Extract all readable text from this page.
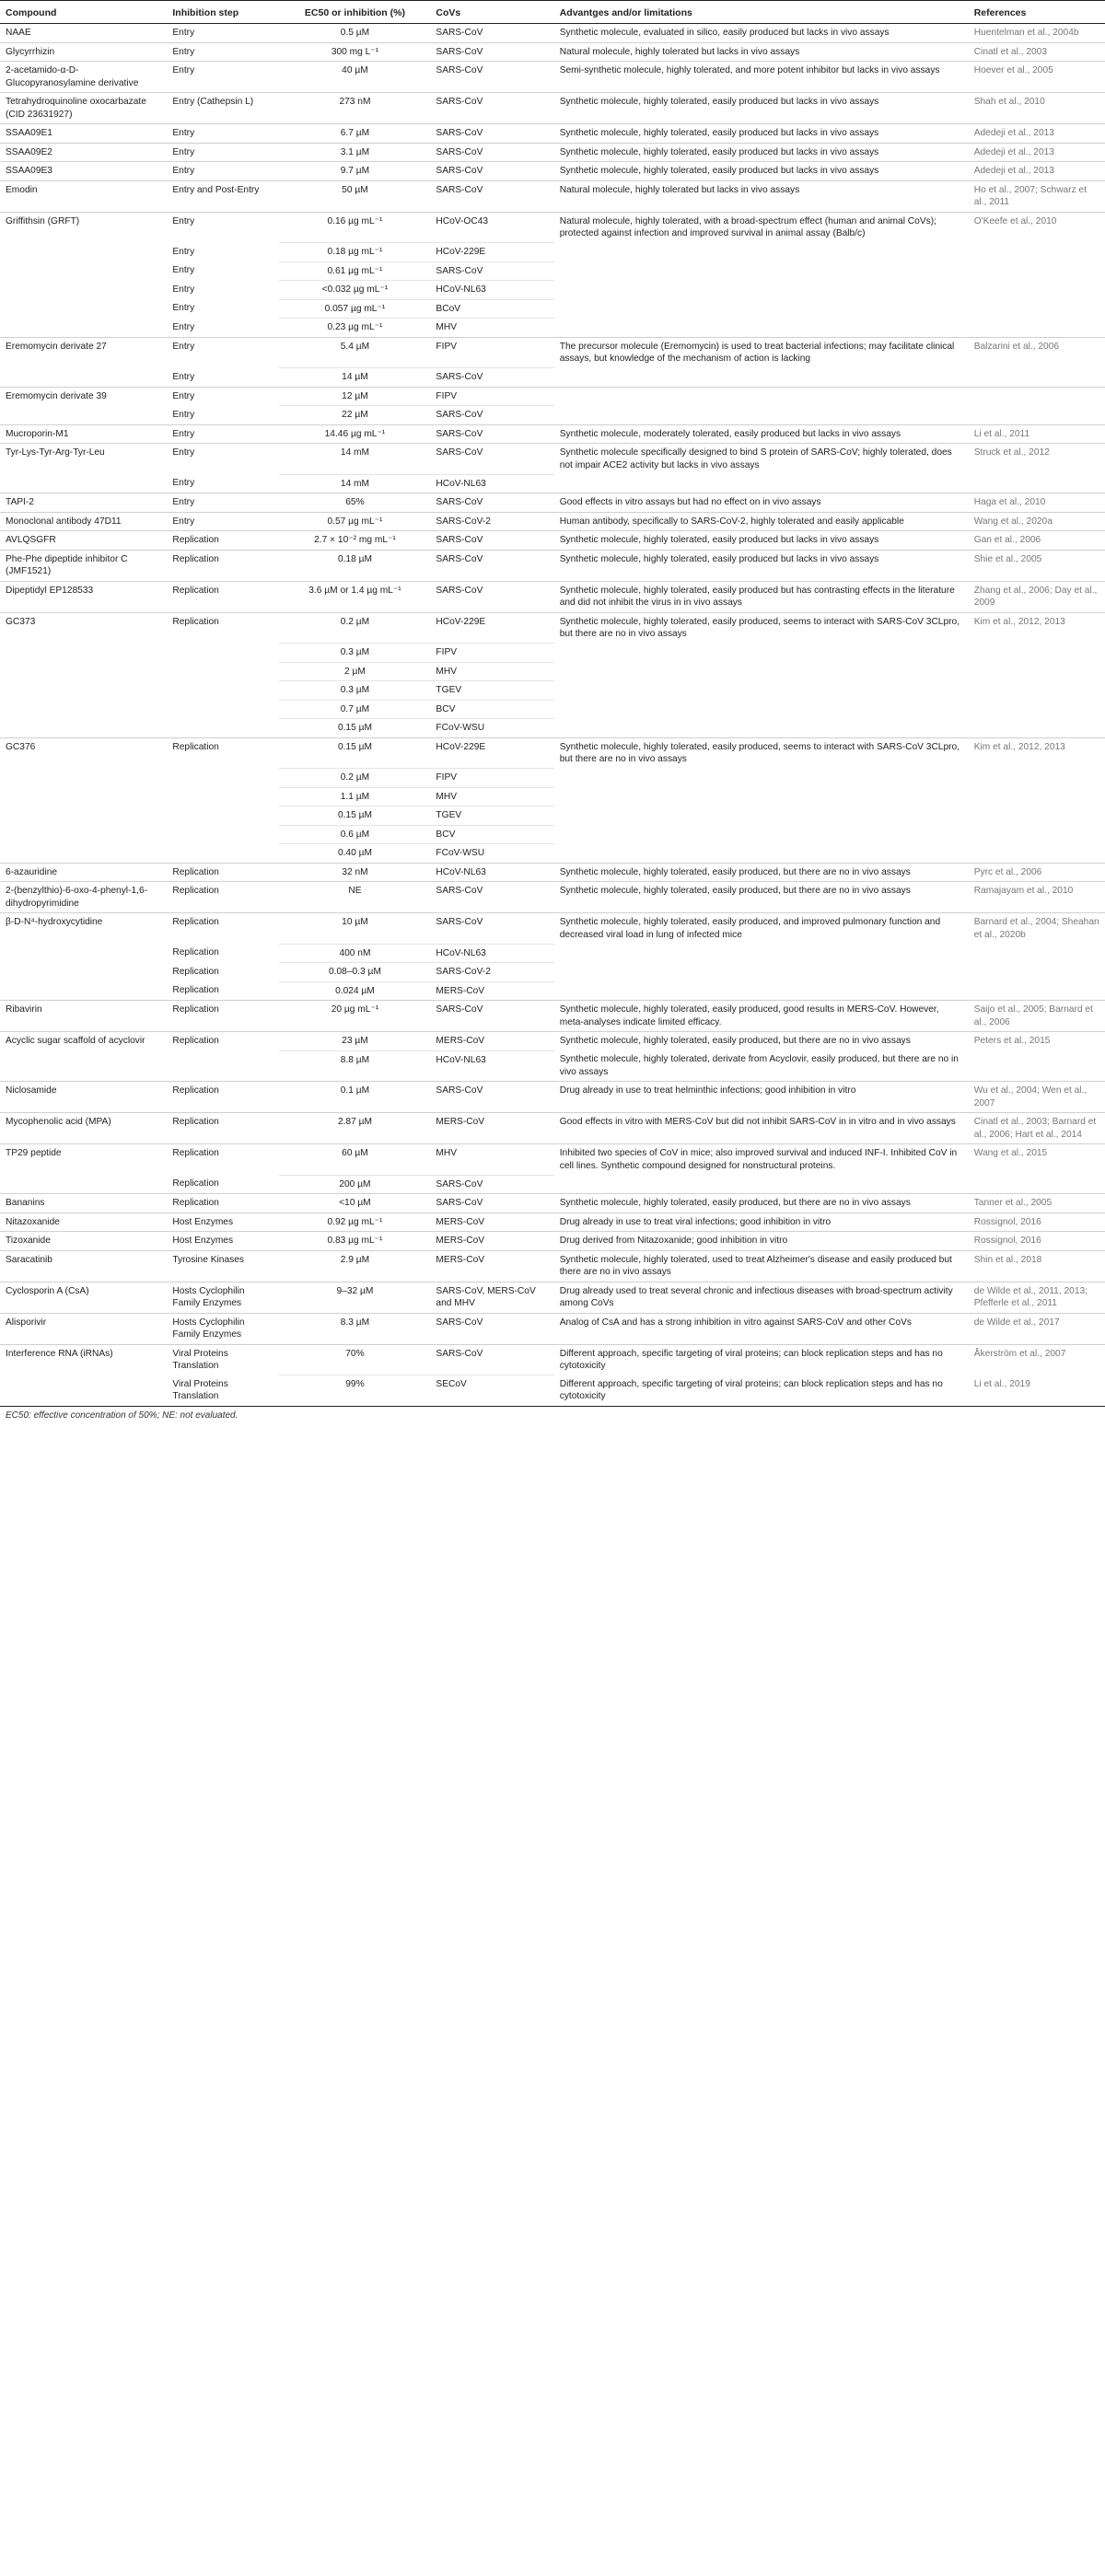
Compound	Inhibition step	EC50 or inhibition (%)	CoVs	Advantges and/or limitations	References
NAAE	Entry	0.5 µM	SARS-CoV	Synthetic molecule, evaluated in silico, easily produced but lacks in vivo assays	Huentelman et al., 2004b
Glycyrrhizin	Entry	300 mg L⁻¹	SARS-CoV	Natural molecule, highly tolerated but lacks in vivo assays	Cinatl et al., 2003
2-acetamido-α-D-Glucopyranosylamine derivative	Entry	40 µM	SARS-CoV	Semi-synthetic molecule, highly tolerated, and more potent inhibitor but lacks in vivo assays	Hoever et al., 2005
Tetrahydroquinoline oxocarbazate (CID 23631927)	Entry (Cathepsin L)	273 nM	SARS-CoV	Synthetic molecule, highly tolerated, easily produced but lacks in vivo assays	Shah et al., 2010
SSAA09E1	Entry	6.7 µM	SARS-CoV	Synthetic molecule, highly tolerated, easily produced but lacks in vivo assays	Adedeji et al., 2013
SSAA09E2	Entry	3.1 µM	SARS-CoV	Synthetic molecule, highly tolerated, easily produced but lacks in vivo assays	Adedeji et al., 2013
SSAA09E3	Entry	9.7 µM	SARS-CoV	Synthetic molecule, highly tolerated, easily produced but lacks in vivo assays	Adedeji et al., 2013
Emodin	Entry and Post-Entry	50 µM	SARS-CoV	Natural molecule, highly tolerated but lacks in vivo assays	Ho et al., 2007; Schwarz et al., 2011
Griffithsin (GRFT)	Entry	0.16 µg mL⁻¹	HCoV-OC43	Natural molecule, highly tolerated, with a broad-spectrum effect (human and animal CoVs); protected against infection and improved survival in animal assay (Balb/c)	O'Keefe et al., 2010
	Entry	0.18 µg mL⁻¹	HCoV-229E		
	Entry	0.61 µg mL⁻¹	SARS-CoV		
	Entry	<0.032 µg mL⁻¹	HCoV-NL63		
	Entry	0.057 µg mL⁻¹	BCoV		
	Entry	0.23 µg mL⁻¹	MHV		
Eremomycin derivate 27	Entry	5.4 µM	FIPV	The precursor molecule (Eremomycin) is used to treat bacterial infections; may facilitate clinical assays, but knowledge of the mechanism of action is lacking	Balzarini et al., 2006
	Entry	14 µM	SARS-CoV		
Eremomycin derivate 39	Entry	12 µM	FIPV		
	Entry	22 µM	SARS-CoV		
Mucroporin-M1	Entry	14.46 µg mL⁻¹	SARS-CoV	Synthetic molecule, moderately tolerated, easily produced but lacks in vivo assays	Li et al., 2011
Tyr-Lys-Tyr-Arg-Tyr-Leu	Entry	14 mM	SARS-CoV	Synthetic molecule specifically designed to bind S protein of SARS-CoV; highly tolerated, does not impair ACE2 activity but lacks in vivo assays	Struck et al., 2012
	Entry	14 mM	HCoV-NL63		
TAPI-2	Entry	65%	SARS-CoV	Good effects in vitro assays but had no effect on in vivo assays	Haga et al., 2010
Monoclonal antibody 47D11	Entry	0.57 µg mL⁻¹	SARS-CoV-2	Human antibody, specifically to SARS-CoV-2, highly tolerated and easily applicable	Wang et al., 2020a
AVLQSGFR	Replication	2.7 × 10⁻² mg mL⁻¹	SARS-CoV	Synthetic molecule, highly tolerated, easily produced but lacks in vivo assays	Gan et al., 2006
Phe-Phe dipeptide inhibitor C (JMF1521)	Replication	0.18 µM	SARS-CoV	Synthetic molecule, highly tolerated, easily produced but lacks in vivo assays	Shie et al., 2005
Dipeptidyl EP128533	Replication	3.6 µM or 1.4 µg mL⁻¹	SARS-CoV	Synthetic molecule, highly tolerated, easily produced but has contrasting effects in the literature and did not inhibit the virus in in vivo assays	Zhang et al., 2006; Day et al., 2009
GC373	Replication	0.2 µM	HCoV-229E	Synthetic molecule, highly tolerated, easily produced, seems to interact with SARS-CoV 3CLpro, but there are no in vivo assays	Kim et al., 2012, 2013
		0.3 µM	FIPV		
		2 µM	MHV		
		0.3 µM	TGEV		
		0.7 µM	BCV		
		0.15 µM	FCoV-WSU		
GC376	Replication	0.15 µM	HCoV-229E	Synthetic molecule, highly tolerated, easily produced, seems to interact with SARS-CoV 3CLpro, but there are no in vivo assays	Kim et al., 2012, 2013
		0.2 µM	FIPV		
		1.1 µM	MHV		
		0.15 µM	TGEV		
		0.6 µM	BCV		
		0.40 µM	FCoV-WSU		
6-azauridine	Replication	32 nM	HCoV-NL63	Synthetic molecule, highly tolerated, easily produced, but there are no in vivo assays	Pyrc et al., 2006
2-(benzylthio)-6-oxo-4-phenyl-1,6-dihydropyrimidine	Replication	NE	SARS-CoV	Synthetic molecule, highly tolerated, easily produced, but there are no in vivo assays	Ramajayam et al., 2010
β-D-N⁴-hydroxycytidine	Replication	10 µM	SARS-CoV	Synthetic molecule, highly tolerated, easily produced, and improved pulmonary function and decreased viral load in lung of infected mice	Barnard et al., 2004; Sheahan et al., 2020b
	Replication	400 nM	HCoV-NL63		
	Replication	0.08–0.3 µM	SARS-CoV-2		
	Replication	0.024 µM	MERS-CoV		
Ribavirin	Replication	20 µg mL⁻¹	SARS-CoV	Synthetic molecule, highly tolerated, easily produced, good results in MERS-CoV. However, meta-analyses indicate limited efficacy.	Saijo et al., 2005; Barnard et al., 2006
Acyclic sugar scaffold of acyclovir	Replication	23 µM	MERS-CoV	Synthetic molecule, highly tolerated, easily produced, but there are no in vivo assays	Peters et al., 2015
		8.8 µM	HCoV-NL63	Synthetic molecule, highly tolerated, derivate from Acyclovir, easily produced, but there are no in vivo assays	
Niclosamide	Replication	0.1 µM	SARS-CoV	Drug already in use to treat helminthic infections; good inhibition in vitro	Wu et al., 2004; Wen et al., 2007
Mycophenolic acid (MPA)	Replication	2.87 µM	MERS-CoV	Good effects in vitro with MERS-CoV but did not inhibit SARS-CoV in in vitro and in vivo assays	Cinatl et al., 2003; Barnard et al., 2006; Hart et al., 2014
TP29 peptide	Replication	60 µM	MHV	Inhibited two species of CoV in mice; also improved survival and induced INF-I. Inhibited CoV in cell lines. Synthetic compound designed for nonstructural proteins.	Wang et al., 2015
	Replication	200 µM	SARS-CoV		
Bananins	Replication	<10 µM	SARS-CoV	Synthetic molecule, highly tolerated, easily produced, but there are no in vivo assays	Tanner et al., 2005
Nitazoxanide	Host Enzymes	0.92 µg mL⁻¹	MERS-CoV	Drug already in use to treat viral infections; good inhibition in vitro	Rossignol, 2016
Tizoxanide	Host Enzymes	0.83 µg mL⁻¹	MERS-CoV	Drug derived from Nitazoxanide; good inhibition in vitro	Rossignol, 2016
Saracatinib	Tyrosine Kinases	2.9 µM	MERS-CoV	Synthetic molecule, highly tolerated, used to treat Alzheimer's disease and easily produced but there are no in vivo assays	Shin et al., 2018
Cyclosporin A (CsA)	Hosts Cyclophilin Family Enzymes	9–32 µM	SARS-CoV, MERS-CoV and MHV	Drug already used to treat several chronic and infectious diseases with broad-spectrum activity among CoVs	de Wilde et al., 2011, 2013; Pfefferle et al., 2011
Alisporivir	Hosts Cyclophilin Family Enzymes	8.3 µM	SARS-CoV	Analog of CsA and has a strong inhibition in vitro against SARS-CoV and other CoVs	de Wilde et al., 2017
Interference RNA (iRNAs)	Viral Proteins Translation	70%	SARS-CoV	Different approach, specific targeting of viral proteins; can block replication steps and has no cytotoxicity	Åkerström et al., 2007
	Viral Proteins Translation	99%	SECoV	Different approach, specific targeting of viral proteins; can block replication steps and has no cytotoxicity	Li et al., 2019
EC50: effective concentration of 50%; NE: not evaluated.
